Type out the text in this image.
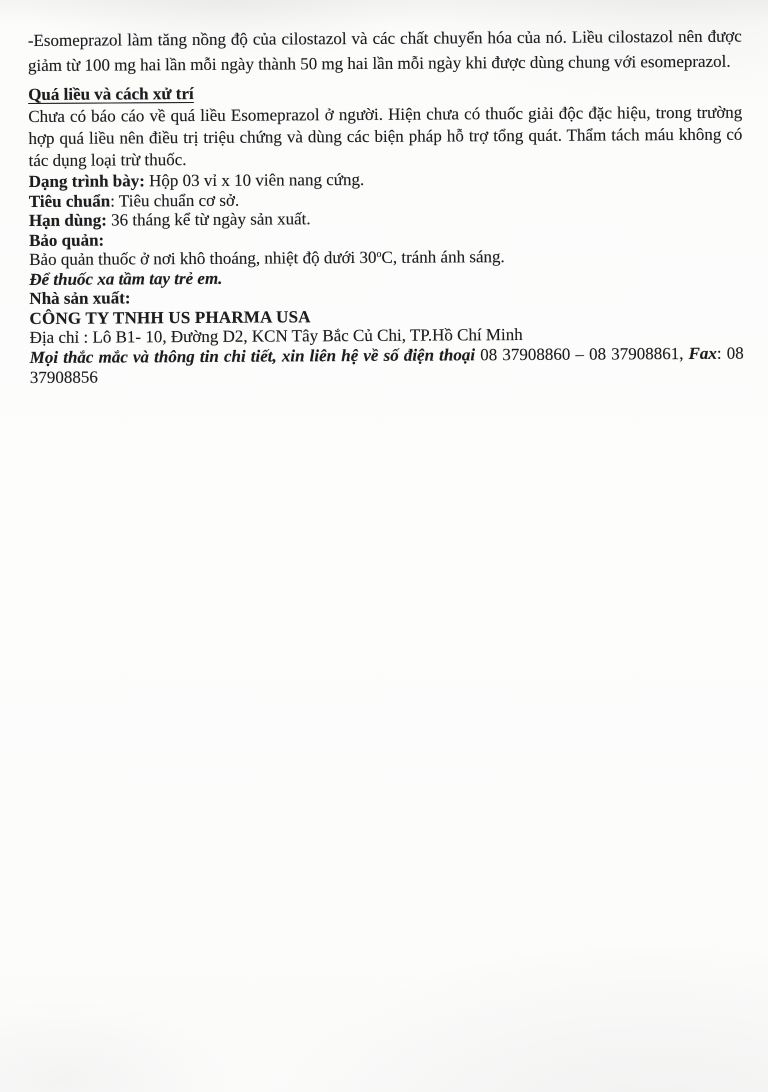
-Esomeprazol làm tăng nồng độ của cilostazol và các chất chuyển hóa của nó. Liều cilostazol nên được giảm từ 100 mg hai lần mỗi ngày thành 50 mg hai lần mỗi ngày khi được dùng chung với esomeprazol.

Quá liều và cách xử trí

Chưa có báo cáo về quá liều Esomeprazol ở người. Hiện chưa có thuốc giải độc đặc hiệu, trong trường hợp quá liều nên điều trị triệu chứng và dùng các biện pháp hỗ trợ tổng quát. Thẩm tách máu không có tác dụng loại trừ thuốc.

Dạng trình bày: Hộp 03 vỉ x 10 viên nang cứng.

Tiêu chuẩn: Tiêu chuẩn cơ sở.

Hạn dùng: 36 tháng kể từ ngày sản xuất.

Bảo quản:

Bảo quản thuốc ở nơi khô thoáng, nhiệt độ dưới 30$^o$C, tránh ánh sáng.

Để thuốc xa tầm tay trẻ em.

Nhà sản xuất:

CÔNG TY TNHH US PHARMA USA

Địa chỉ : Lô B1- 10, Đường D2, KCN Tây Bắc Củ Chi, TP.Hồ Chí Minh

Mọi thắc mắc và thông tin chi tiết, xin liên hệ về số điện thoại 08 37908860 – 08 37908861, Fax: 08 37908856
